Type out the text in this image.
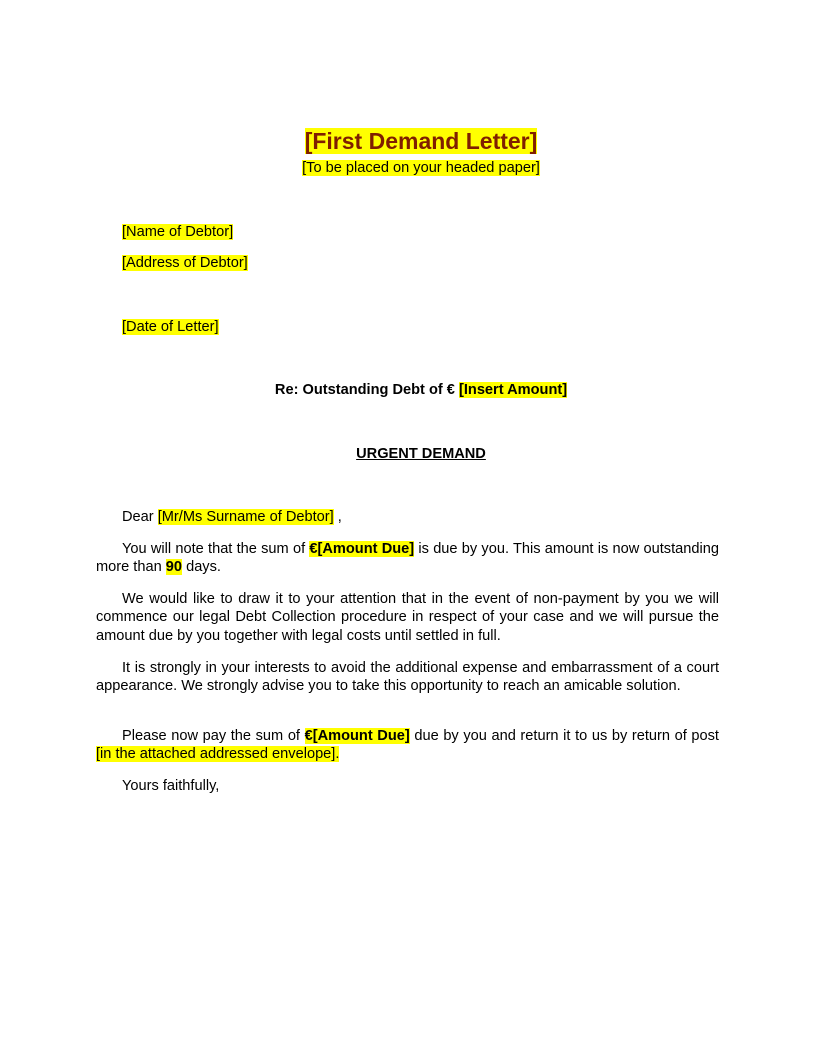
[First Demand Letter]
[To be placed on your headed paper]
[Name of Debtor]
[Address of Debtor]
[Date of Letter]
Re: Outstanding Debt of € [Insert Amount]
URGENT DEMAND

Dear [Mr/Ms Surname of Debtor] ,

You will note that the sum of €[Amount Due] is due by you. This amount is now outstanding more than 90 days.

We would like to draw it to your attention that in the event of non-payment by you we will commence our legal Debt Collection procedure in respect of your case and we will pursue the amount due by you together with legal costs until settled in full.

It is strongly in your interests to avoid the additional expense and embarrassment of a court appearance. We strongly advise you to take this opportunity to reach an amicable solution.

Please now pay the sum of €[Amount Due] due by you and return it to us by return of post [in the attached addressed envelope].

Yours faithfully,
